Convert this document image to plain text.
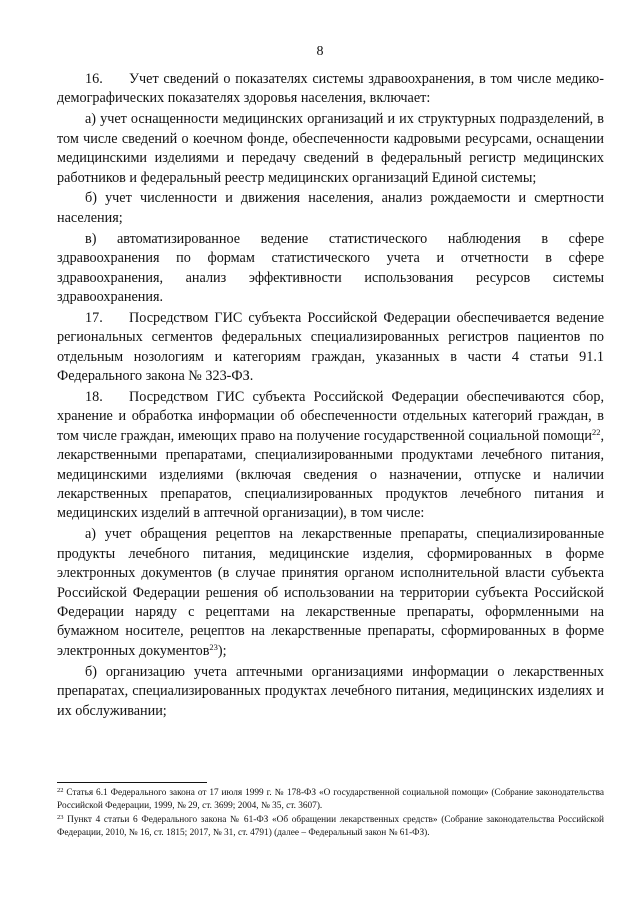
8

16. Учет сведений о показателях системы здравоохранения, в том числе медико-демографических показателях здоровья населения, включает:

а) учет оснащенности медицинских организаций и их структурных подразделений, в том числе сведений о коечном фонде, обеспеченности кадровыми ресурсами, оснащении медицинскими изделиями и передачу сведений в федеральный регистр медицинских работников и федеральный реестр медицинских организаций Единой системы;

б) учет численности и движения населения, анализ рождаемости и смертности населения;

в) автоматизированное ведение статистического наблюдения в сфере здравоохранения по формам статистического учета и отчетности в сфере здравоохранения, анализ эффективности использования ресурсов системы здравоохранения.

17. Посредством ГИС субъекта Российской Федерации обеспечивается ведение региональных сегментов федеральных специализированных регистров пациентов по отдельным нозологиям и категориям граждан, указанных в части 4 статьи 91.1 Федерального закона № 323-ФЗ.

18. Посредством ГИС субъекта Российской Федерации обеспечиваются сбор, хранение и обработка информации об обеспеченности отдельных категорий граждан, в том числе граждан, имеющих право на получение государственной социальной помощи$^{22}$, лекарственными препаратами, специализированными продуктами лечебного питания, медицинскими изделиями (включая сведения о назначении, отпуске и наличии лекарственных препаратов, специализированных продуктов лечебного питания и медицинских изделий в аптечной организации), в том числе:

а) учет обращения рецептов на лекарственные препараты, специализированные продукты лечебного питания, медицинские изделия, сформированных в форме электронных документов (в случае принятия органом исполнительной власти субъекта Российской Федерации решения об использовании на территории субъекта Российской Федерации наряду с рецептами на лекарственные препараты, оформленными на бумажном носителе, рецептов на лекарственные препараты, сформированных в форме электронных документов$^{23}$);

б) организацию учета аптечными организациями информации о лекарственных препаратах, специализированных продуктах лечебного питания, медицинских изделиях и их обслуживании;

$^{22}$ Статья 6.1 Федерального закона от 17 июля 1999 г. № 178-ФЗ «О государственной социальной помощи» (Собрание законодательства Российской Федерации, 1999, № 29, ст. 3699; 2004, № 35, ст. 3607).

$^{23}$ Пункт 4 статьи 6 Федерального закона № 61-ФЗ «Об обращении лекарственных средств» (Собрание законодательства Российской Федерации, 2010, № 16, ст. 1815; 2017, № 31, ст. 4791) (далее – Федеральный закон № 61-ФЗ).
